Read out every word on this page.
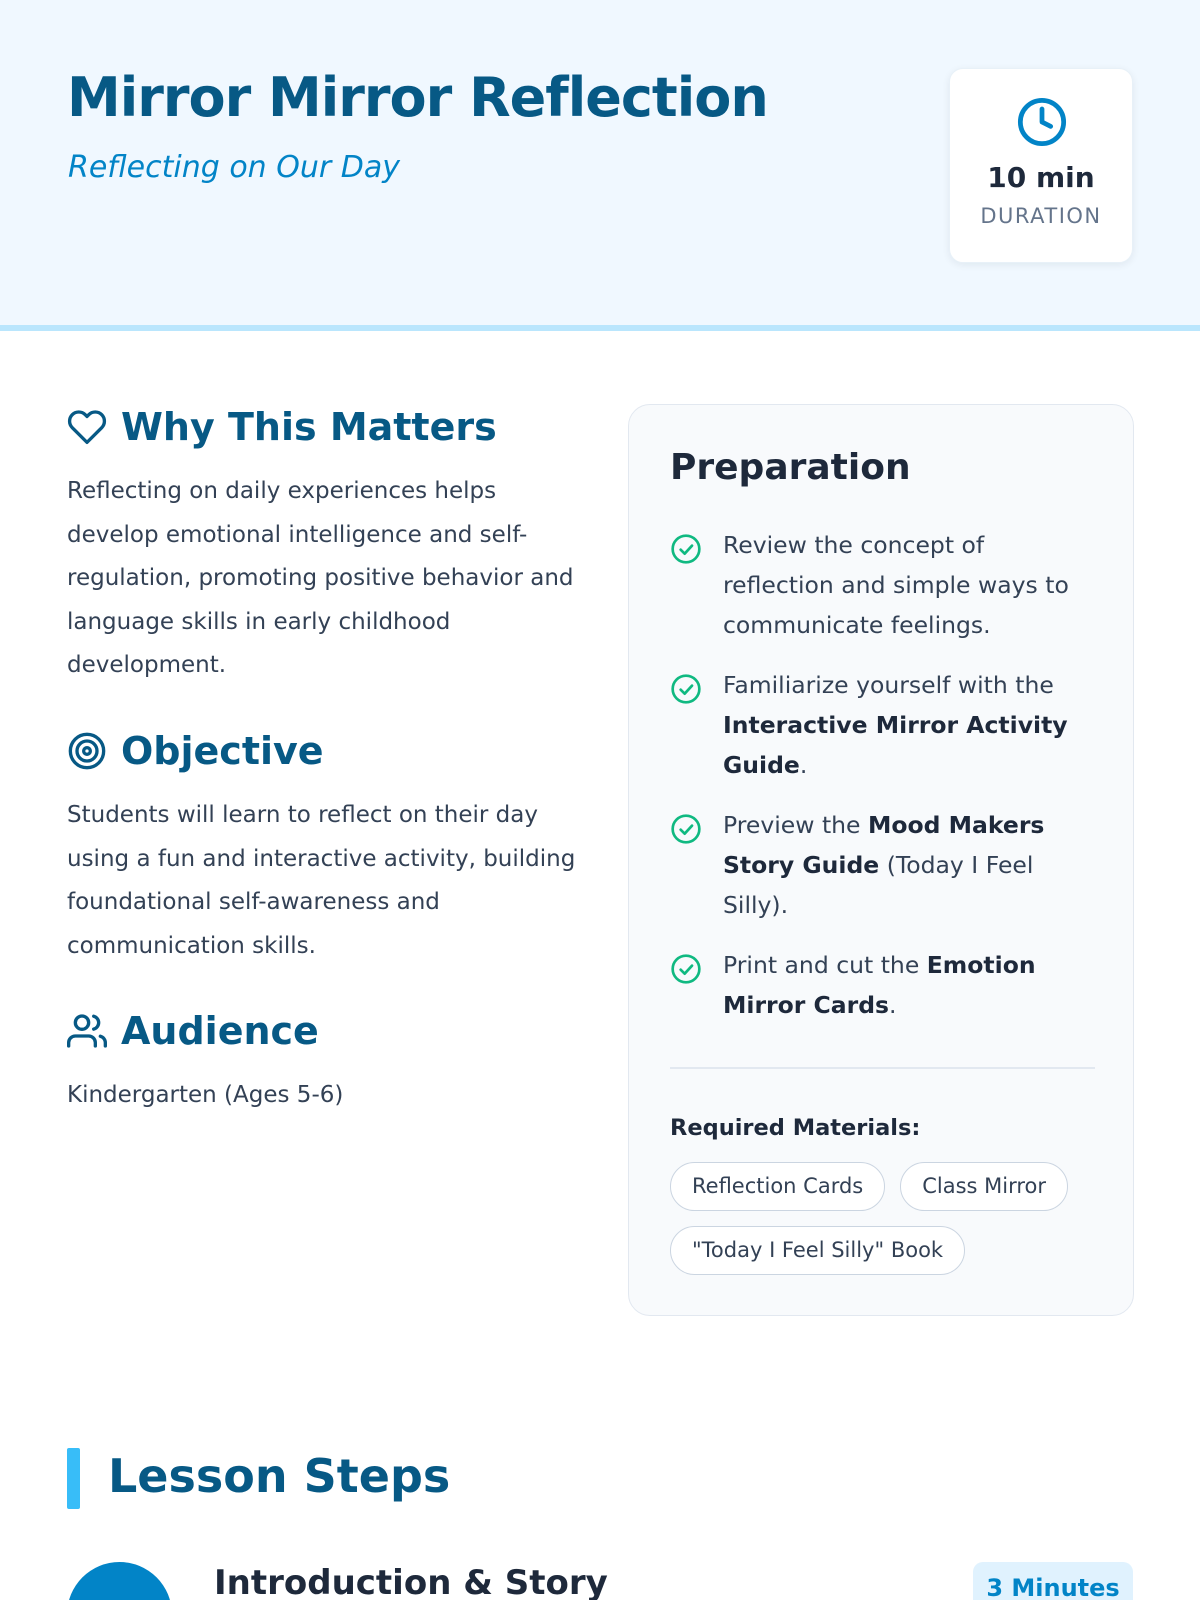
Mirror Mirror Reflection
Reflecting on Our Day	10 min
DURATION
Why This Matters

Reflecting on daily experiences helps develop emotional intelligence and self-regulation, promoting positive behavior and language skills in early childhood development.

Objective

Students will learn to reflect on their day using a fun and interactive activity, building foundational self-awareness and communication skills.

Audience

Kindergarten (Ages 5-6)

Preparation
Review the concept of reflection and simple ways to communicate feelings.
Familiarize yourself with the Interactive Mirror Activity Guide.
Preview the Mood Makers Story Guide (Today I Feel Silly).
Print and cut the Emotion Mirror Cards.
Required Materials:
Reflection Cards	Class Mirror
"Today I Feel Silly" Book
Lesson Steps
Introduction & Story	3 Minutes
